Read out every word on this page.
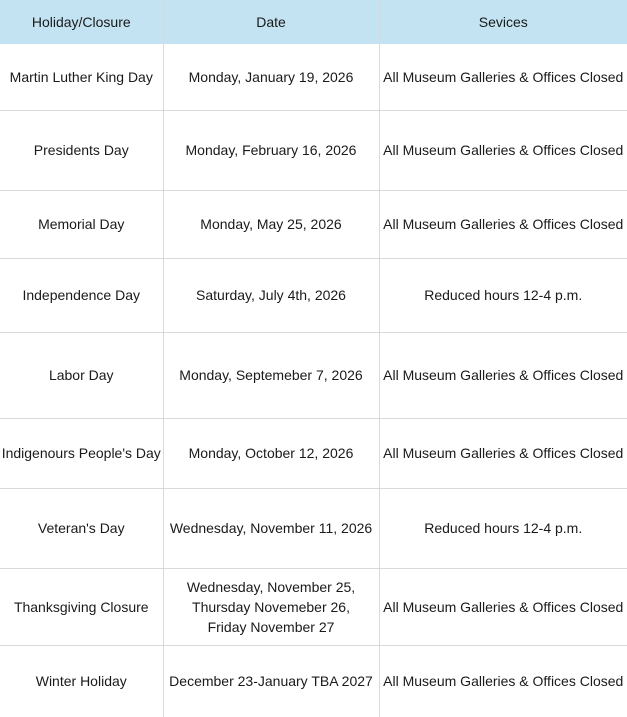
Holiday/Closure	Date	Sevices
Martin Luther King Day	Monday, January 19, 2026	All Museum Galleries & Offices Closed
Presidents Day	Monday, February 16, 2026	All Museum Galleries & Offices Closed
Memorial Day	Monday, May 25, 2026	All Museum Galleries & Offices Closed
Independence Day	Saturday, July 4th, 2026	Reduced hours 12-4 p.m.
Labor Day	Monday, Septemeber 7, 2026	All Museum Galleries & Offices Closed
Indigenours People's Day	Monday, October 12, 2026	All Museum Galleries & Offices Closed
Veteran's Day	Wednesday, November 11, 2026	Reduced hours 12-4 p.m.
Thanksgiving Closure	Wednesday, November 25,
Thursday Novemeber 26,
Friday November 27	All Museum Galleries & Offices Closed
Winter Holiday	December 23-January TBA 2027	All Museum Galleries & Offices Closed
